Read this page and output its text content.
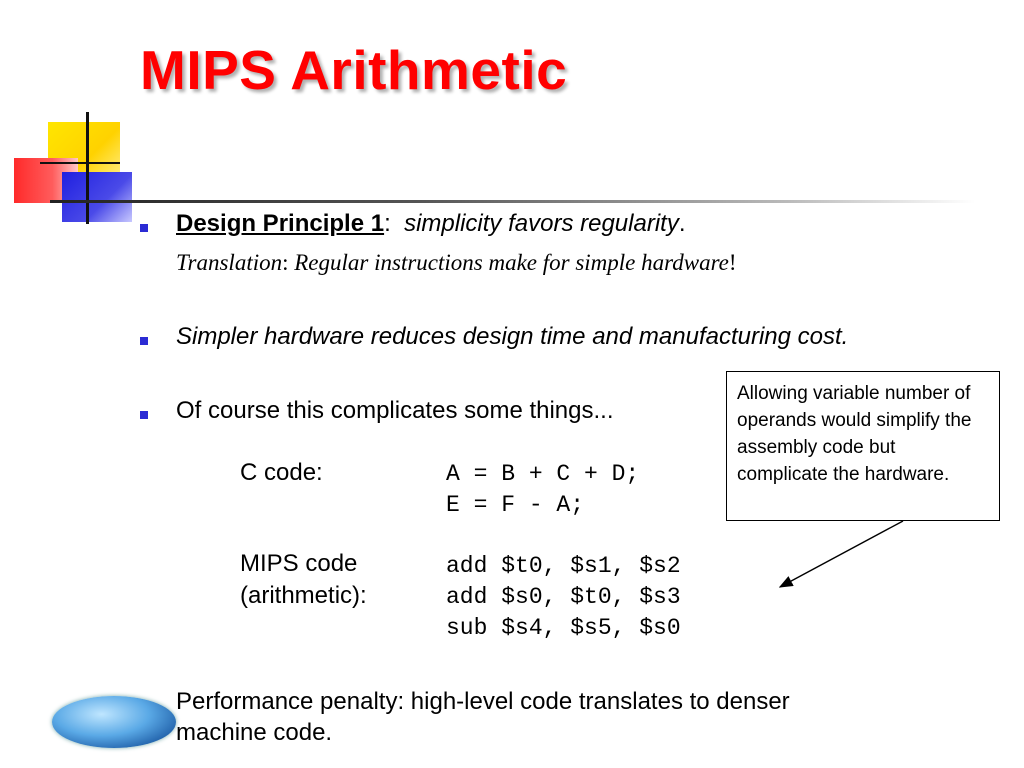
MIPS Arithmetic
Design Principle 1: simplicity favors regularity.
Translation: Regular instructions make for simple hardware!
Simpler hardware reduces design time and manufacturing cost.
Of course this complicates some things...
C code:	A = B + C + D;
E = F - A;
MIPS code
(arithmetic):
add $t0, $s1, $s2
add $s0, $t0, $s3
sub $s4, $s5, $s0
Allowing variable number of operands would simplify the assembly code but complicate the hardware.
Performance penalty: high-level code translates to denser
machine code.
